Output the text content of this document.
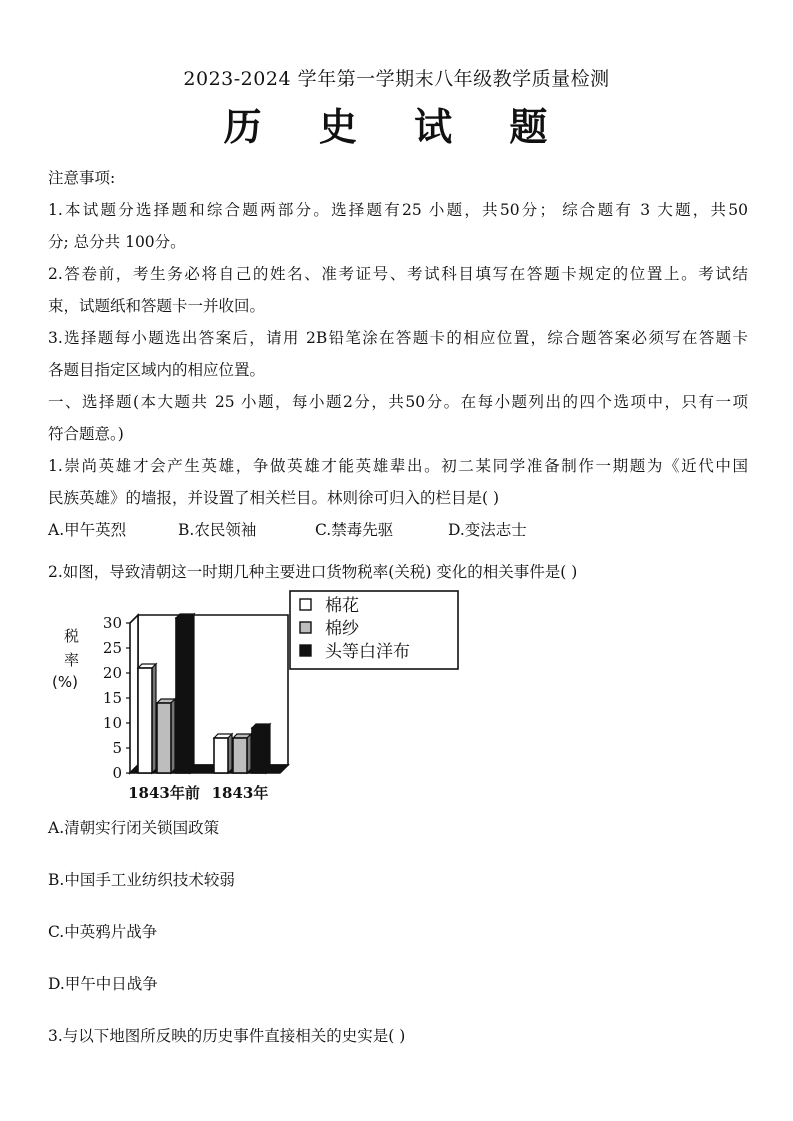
2023-2024 学年第一学期末八年级教学质量检测
历 史 试 题
注意事项:
1.本试题分选择题和综合题两部分。选择题有25 小题，共50分； 综合题有 3 大题，共50
分; 总分共 100分。
2.答卷前，考生务必将自己的姓名、准考证号、考试科目填写在答题卡规定的位置上。考试结
束，试题纸和答题卡一并收回。
3.选择题每小题选出答案后，请用 2B铅笔涂在答题卡的相应位置，综合题答案必须写在答题卡
各题目指定区域内的相应位置。
一、选择题(本大题共 25 小题，每小题2分，共50分。在每小题列出的四个选项中，只有一项
符合题意。)
1.崇尚英雄才会产生英雄，争做英雄才能英雄辈出。初二某同学准备制作一期题为《近代中国
民族英雄》的墙报，并设置了相关栏目。林则徐可归入的栏目是( )
A.甲午英烈	B.农民领袖	C.禁毒先驱	D.变法志士
2.如图，导致清朝这一时期几种主要进口货物税率(关税) 变化的相关事件是( )
税
率
(%)
0
5
10
15
20
25
30
1843年前 1843年
棉花
棉纱
头等白洋布
A.清朝实行闭关锁国政策
B.中国手工业纺织技术较弱
C.中英鸦片战争
D.甲午中日战争
3.与以下地图所反映的历史事件直接相关的史实是( )
